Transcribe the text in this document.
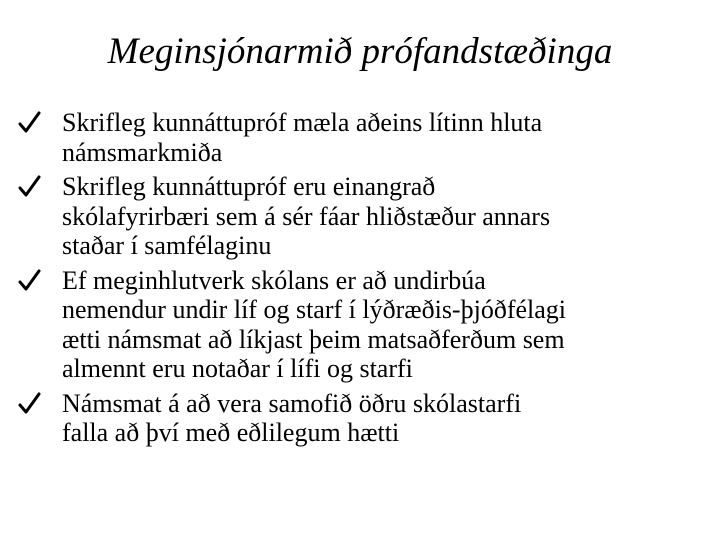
Meginsjónarmið prófandstæðinga
Skrifleg kunnáttupróf mæla aðeins lítinn hluta
námsmarkmiða
Skrifleg kunnáttupróf eru einangrað
skólafyrirbæri sem á sér fáar hliðstæður annars
staðar í samfélaginu
Ef meginhlutverk skólans er að undirbúa
nemendur undir líf og starf í lýðræðis-þjóðfélagi
ætti námsmat að líkjast þeim matsaðferðum sem
almennt eru notaðar í lífi og starfi
Námsmat á að vera samofið öðru skólastarfi
falla að því með eðlilegum hætti
